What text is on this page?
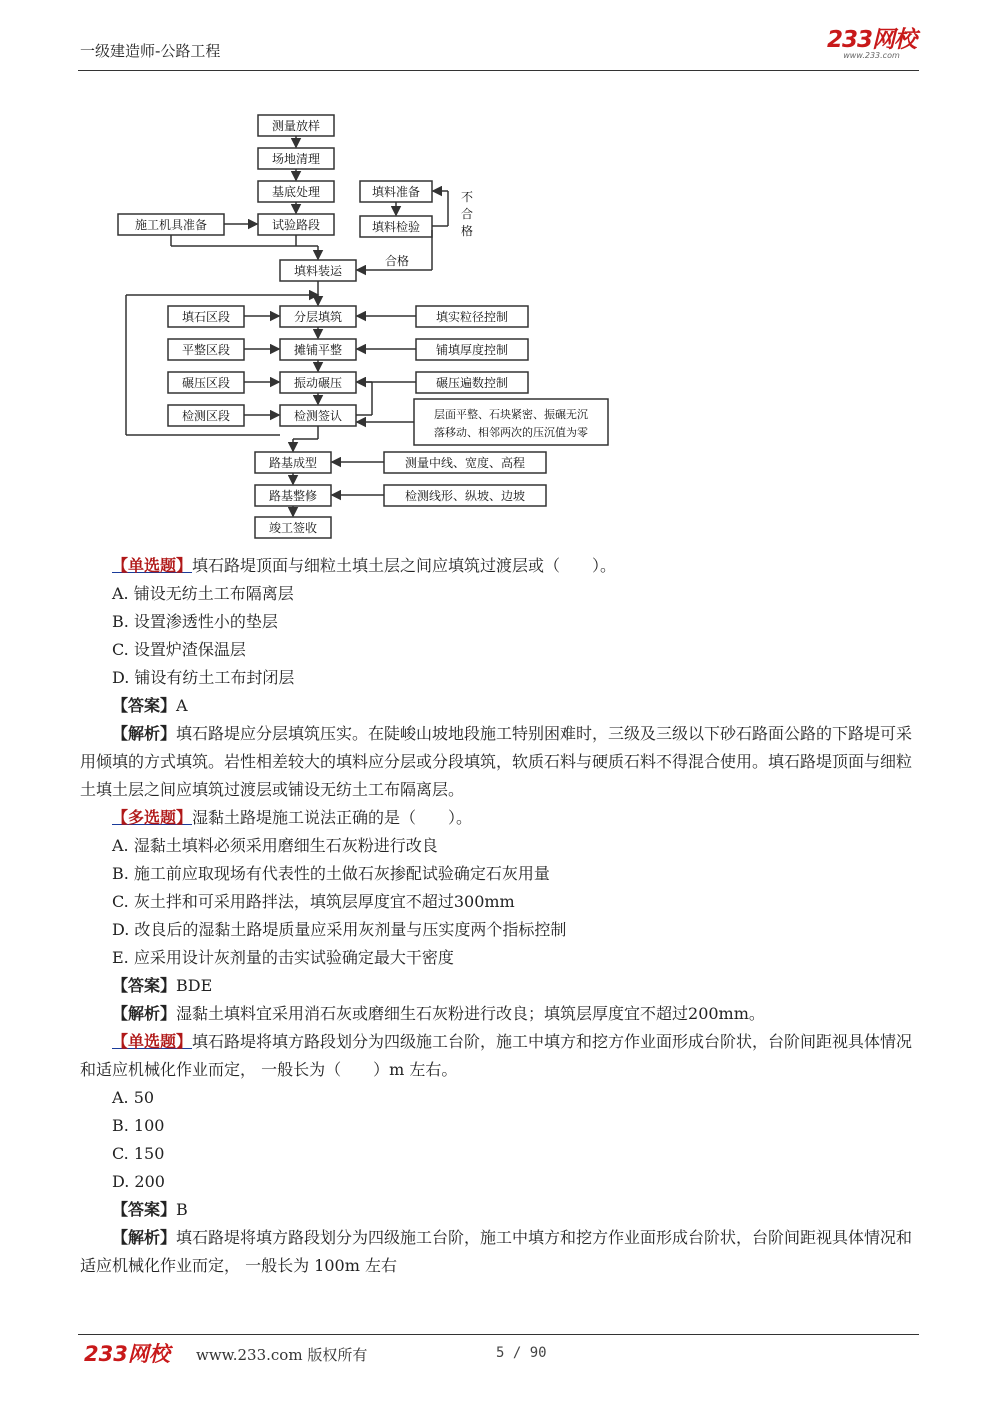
一级建造师-公路工程	233网校
www.233.com
测量放样
场地清理
基底处理
试验路段
填料装运
分层填筑
摊铺平整
振动碾压
检测签认
路基成型
路基整修
竣工签收
施工机具准备
填石区段
平整区段
碾压区段
检测区段
填料准备
填料检验
填实粒径控制
铺填厚度控制
碾压遍数控制
层面平整、石块紧密、振碾无沉
落移动、相邻两次的压沉值为零
测量中线、宽度、高程
检测线形、纵坡、边坡
不
合
格
合格
【单选题】填石路堤顶面与细粒土填土层之间应填筑过渡层或（　　）。
A. 铺设无纺土工布隔离层
B. 设置渗透性小的垫层
C. 设置炉渣保温层
D. 铺设有纺土工布封闭层
【答案】A
【解析】填石路堤应分层填筑压实。在陡峻山坡地段施工特别困难时，三级及三级以下砂石路面公路的下路堤可采用倾填的方式填筑。岩性相差较大的填料应分层或分段填筑，软质石料与硬质石料不得混合使用。填石路堤顶面与细粒土填土层之间应填筑过渡层或铺设无纺土工布隔离层。
【多选题】湿黏土路堤施工说法正确的是（　　）。
A. 湿黏土填料必须采用磨细生石灰粉进行改良
B. 施工前应取现场有代表性的土做石灰掺配试验确定石灰用量
C. 灰土拌和可采用路拌法，填筑层厚度宜不超过300mm
D. 改良后的湿黏土路堤质量应采用灰剂量与压实度两个指标控制
E. 应采用设计灰剂量的击实试验确定最大干密度
【答案】BDE
【解析】湿黏土填料宜采用消石灰或磨细生石灰粉进行改良；填筑层厚度宜不超过200mm。
【单选题】填石路堤将填方路段划分为四级施工台阶，施工中填方和挖方作业面形成台阶状，台阶间距视具体情况和适应机械化作业而定， 一般长为（　　）m 左右。
A. 50
B. 100
C. 150
D. 200
【答案】B
【解析】填石路堤将填方路段划分为四级施工台阶，施工中填方和挖方作业面形成台阶状，台阶间距视具体情况和适应机械化作业而定， 一般长为 100m 左右
233网校 www.233.com 版权所有	5 / 90
